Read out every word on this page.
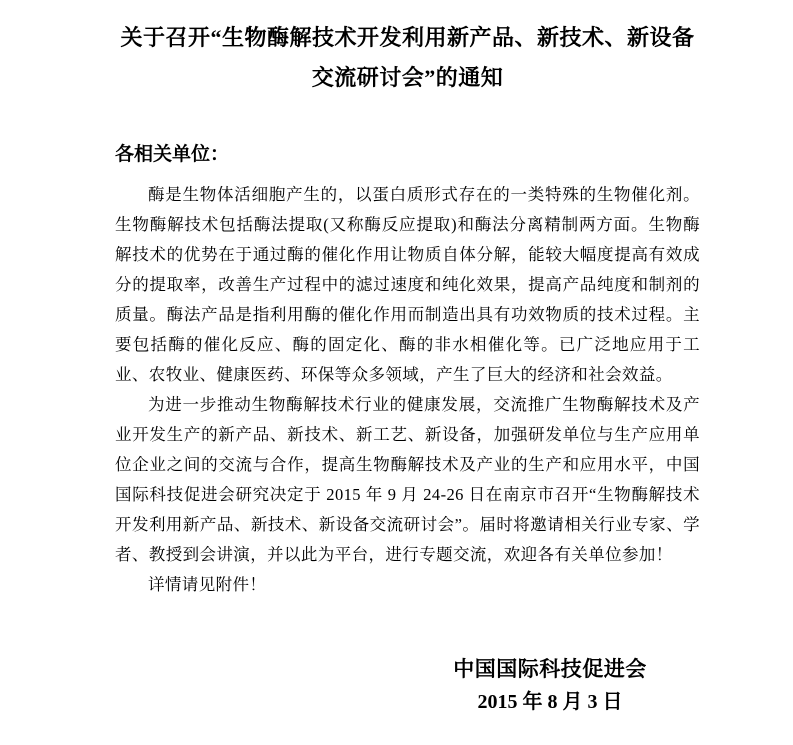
关于召开“生物酶解技术开发利用新产品、新技术、新设备
交流研讨会”的通知
各相关单位：

酶是生物体活细胞产生的，以蛋白质形式存在的一类特殊的生物催化剂。生物酶解技术包括酶法提取(又称酶反应提取)和酶法分离精制两方面。生物酶解技术的优势在于通过酶的催化作用让物质自体分解，能较大幅度提高有效成分的提取率，改善生产过程中的滤过速度和纯化效果，提高产品纯度和制剂的质量。酶法产品是指利用酶的催化作用而制造出具有功效物质的技术过程。主要包括酶的催化反应、酶的固定化、酶的非水相催化等。已广泛地应用于工业、农牧业、健康医药、环保等众多领域，产生了巨大的经济和社会效益。

为进一步推动生物酶解技术行业的健康发展，交流推广生物酶解技术及产业开发生产的新产品、新技术、新工艺、新设备，加强研发单位与生产应用单位企业之间的交流与合作，提高生物酶解技术及产业的生产和应用水平，中国国际科技促进会研究决定于 2015 年 9 月 24-26 日在南京市召开“生物酶解技术开发利用新产品、新技术、新设备交流研讨会”。届时将邀请相关行业专家、学者、教授到会讲演，并以此为平台，进行专题交流，欢迎各有关单位参加！

详情请见附件！

中国国际科技促进会
2015 年 8 月 3 日
